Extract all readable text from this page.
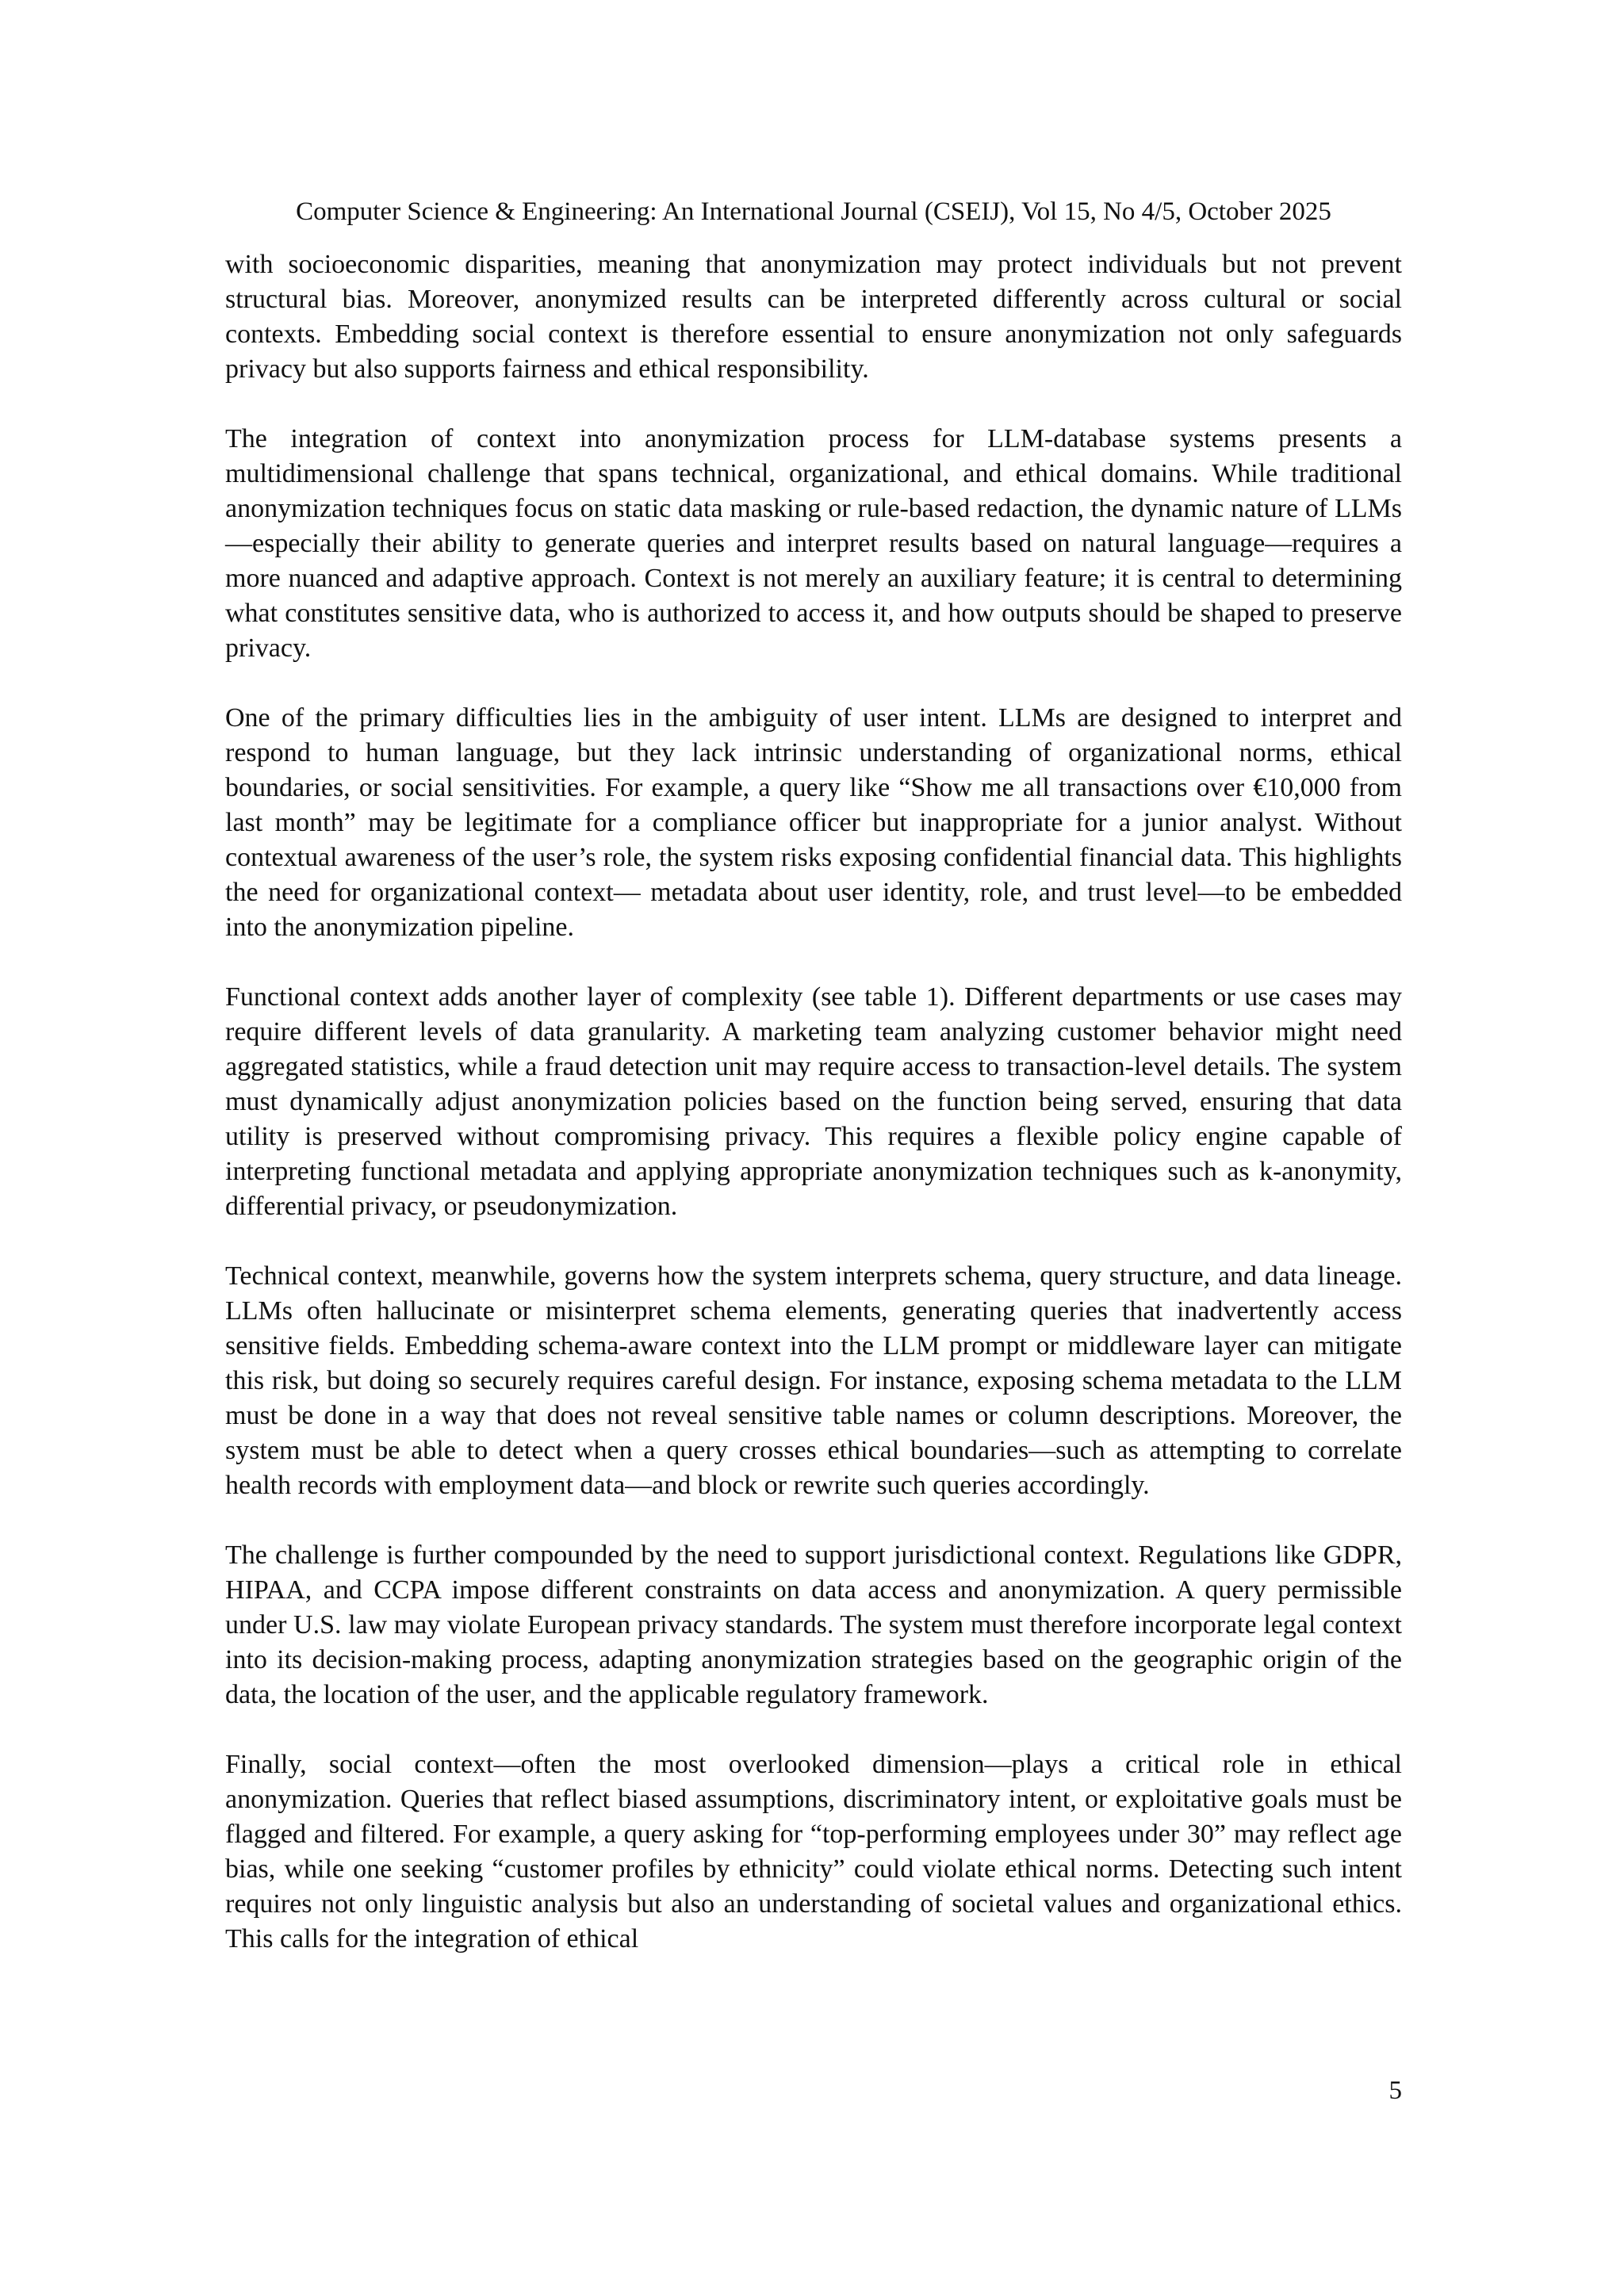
Computer Science & Engineering: An International Journal (CSEIJ), Vol 15, No 4/5, October 2025

with socioeconomic disparities, meaning that anonymization may protect individuals but not prevent structural bias. Moreover, anonymized results can be interpreted differently across cultural or social contexts. Embedding social context is therefore essential to ensure anonymization not only safeguards privacy but also supports fairness and ethical responsibility.

The integration of context into anonymization process for LLM-database systems presents a multidimensional challenge that spans technical, organizational, and ethical domains. While traditional anonymization techniques focus on static data masking or rule-based redaction, the dynamic nature of LLMs—especially their ability to generate queries and interpret results based on natural language—requires a more nuanced and adaptive approach. Context is not merely an auxiliary feature; it is central to determining what constitutes sensitive data, who is authorized to access it, and how outputs should be shaped to preserve privacy.

One of the primary difficulties lies in the ambiguity of user intent. LLMs are designed to interpret and respond to human language, but they lack intrinsic understanding of organizational norms, ethical boundaries, or social sensitivities. For example, a query like “Show me all transactions over €10,000 from last month” may be legitimate for a compliance officer but inappropriate for a junior analyst. Without contextual awareness of the user’s role, the system risks exposing confidential financial data. This highlights the need for organizational context— metadata about user identity, role, and trust level—to be embedded into the anonymization pipeline.

Functional context adds another layer of complexity (see table 1). Different departments or use cases may require different levels of data granularity. A marketing team analyzing customer behavior might need aggregated statistics, while a fraud detection unit may require access to transaction-level details. The system must dynamically adjust anonymization policies based on the function being served, ensuring that data utility is preserved without compromising privacy. This requires a flexible policy engine capable of interpreting functional metadata and applying appropriate anonymization techniques such as k-anonymity, differential privacy, or pseudonymization.

Technical context, meanwhile, governs how the system interprets schema, query structure, and data lineage. LLMs often hallucinate or misinterpret schema elements, generating queries that inadvertently access sensitive fields. Embedding schema-aware context into the LLM prompt or middleware layer can mitigate this risk, but doing so securely requires careful design. For instance, exposing schema metadata to the LLM must be done in a way that does not reveal sensitive table names or column descriptions. Moreover, the system must be able to detect when a query crosses ethical boundaries—such as attempting to correlate health records with employment data—and block or rewrite such queries accordingly.

The challenge is further compounded by the need to support jurisdictional context. Regulations like GDPR, HIPAA, and CCPA impose different constraints on data access and anonymization. A query permissible under U.S. law may violate European privacy standards. The system must therefore incorporate legal context into its decision-making process, adapting anonymization strategies based on the geographic origin of the data, the location of the user, and the applicable regulatory framework.

Finally, social context—often the most overlooked dimension—plays a critical role in ethical anonymization. Queries that reflect biased assumptions, discriminatory intent, or exploitative goals must be flagged and filtered. For example, a query asking for “top-performing employees under 30” may reflect age bias, while one seeking “customer profiles by ethnicity” could violate ethical norms. Detecting such intent requires not only linguistic analysis but also an understanding of societal values and organizational ethics. This calls for the integration of ethical

5
